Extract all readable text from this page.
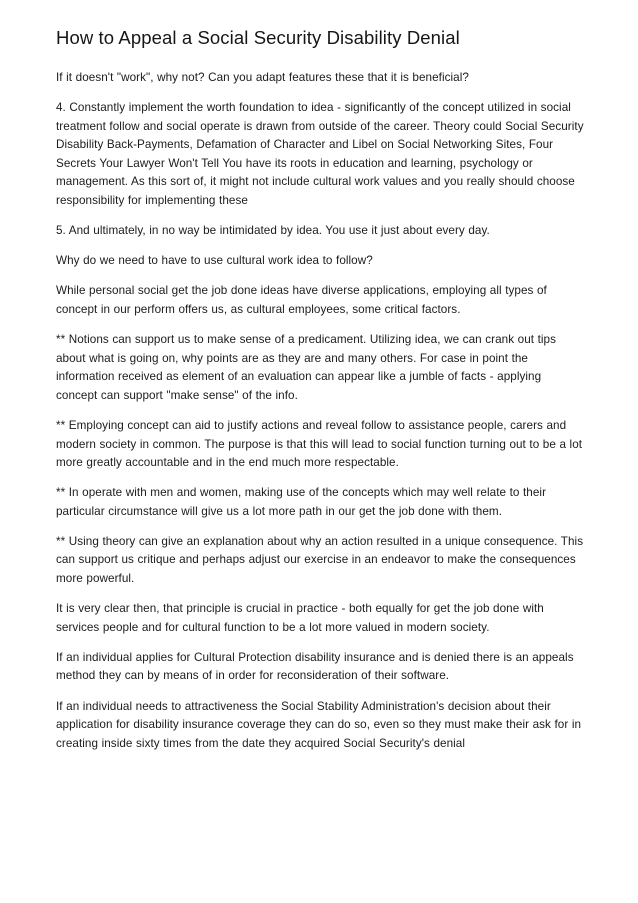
How to Appeal a Social Security Disability Denial

If it doesn't "work", why not? Can you adapt features these that it is beneficial?

4. Constantly implement the worth foundation to idea - significantly of the concept utilized in social treatment follow and social operate is drawn from outside of the career. Theory could Social Security Disability Back-Payments, Defamation of Character and Libel on Social Networking Sites, Four Secrets Your Lawyer Won't Tell You have its roots in education and learning, psychology or management. As this sort of, it might not include cultural work values and you really should choose responsibility for implementing these

5. And ultimately, in no way be intimidated by idea. You use it just about every day.

Why do we need to have to use cultural work idea to follow?

While personal social get the job done ideas have diverse applications, employing all types of concept in our perform offers us, as cultural employees, some critical factors.

** Notions can support us to make sense of a predicament. Utilizing idea, we can crank out tips about what is going on, why points are as they are and many others. For case in point the information received as element of an evaluation can appear like a jumble of facts - applying concept can support "make sense" of the info.

** Employing concept can aid to justify actions and reveal follow to assistance people, carers and modern society in common. The purpose is that this will lead to social function turning out to be a lot more greatly accountable and in the end much more respectable.

** In operate with men and women, making use of the concepts which may well relate to their particular circumstance will give us a lot more path in our get the job done with them.

** Using theory can give an explanation about why an action resulted in a unique consequence. This can support us critique and perhaps adjust our exercise in an endeavor to make the consequences more powerful.

It is very clear then, that principle is crucial in practice - both equally for get the job done with services people and for cultural function to be a lot more valued in modern society.

If an individual applies for Cultural Protection disability insurance and is denied there is an appeals method they can by means of in order for reconsideration of their software.

If an individual needs to attractiveness the Social Stability Administration's decision about their application for disability insurance coverage they can do so, even so they must make their ask for in creating inside sixty times from the date they acquired Social Security's denial
